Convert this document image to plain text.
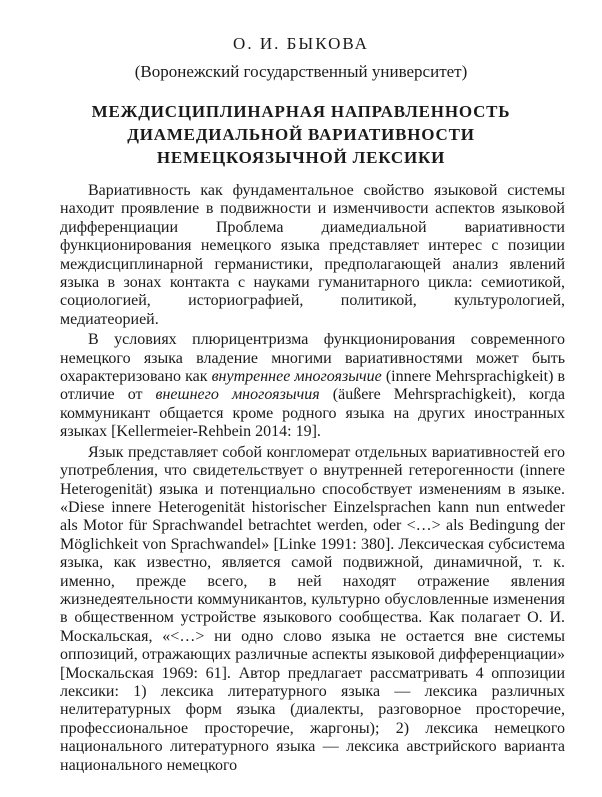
О. И. БЫКОВА
(Воронежский государственный университет)
МЕЖДИСЦИПЛИНАРНАЯ НАПРАВЛЕННОСТЬ
ДИАМЕДИАЛЬНОЙ ВАРИАТИВНОСТИ
НЕМЕЦКОЯЗЫЧНОЙ ЛЕКСИКИ

Вариативность как фундаментальное свойство языковой системы находит проявление в подвижности и изменчивости аспектов языковой дифференциации Проблема диамедиальной вариативности функционирования немецкого языка представляет интерес с позиции междисциплинарной германистики, предполагающей анализ явлений языка в зонах контакта с науками гуманитарного цикла: семиотикой, социологией, историографией, политикой, культурологией, медиатеорией.

В условиях плюрицентризма функционирования современного немецкого языка владение многими вариативностями может быть охарактеризовано как внутреннее многоязычие (innere Mehrsprachigkeit) в отличие от внешнего многоязычия (äußere Mehrsprachigkeit), когда коммуникант общается кроме родного языка на других иностранных языках [Kellermeier-Rehbein 2014: 19].

Язык представляет собой конгломерат отдельных вариативностей его употребления, что свидетельствует о внутренней гетерогенности (innere Heterogenität) языка и потенциально способствует изменениям в языке. «Diese innere Heterogenität historischer Einzelsprachen kann nun entweder als Motor für Sprachwandel betrachtet werden, oder <…> als Bedingung der Möglichkeit von Sprachwandel» [Linke 1991: 380]. Лексическая субсистема языка, как известно, является самой подвижной, динамичной, т. к. именно, прежде всего, в ней находят отражение явления жизнедеятельности коммуникантов, культурно обусловленные изменения в общественном устройстве языкового сообщества. Как полагает О. И. Москальская, «<…> ни одно слово языка не остается вне системы оппозиций, отражающих различные аспекты языковой дифференциации» [Москальская 1969: 61]. Автор предлагает рассматривать 4 оппозиции лексики: 1) лексика литературного языка — лексика различных нелитературных форм языка (диалекты, разговорное просторечие, профессиональное просторечие, жаргоны); 2) лексика немецкого национального литературного языка — лексика австрийского варианта национального немецкого
